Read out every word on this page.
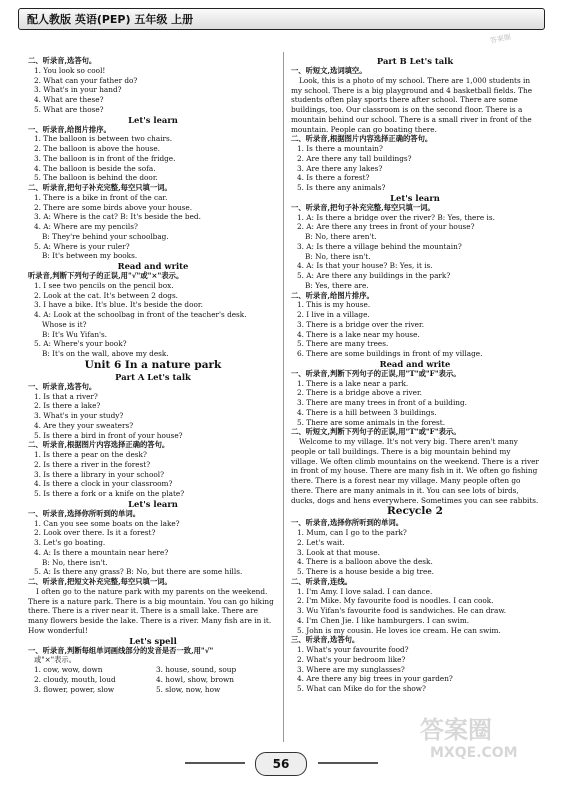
配人教版 英语(PEP) 五年级 上册
答案圈
二、听录音,选答句。
1. You look so cool!
2. What can your father do?
3. What's in your hand?
4. What are these?
5. What are those?
Let's learn
一、听录音,给图片排序。
1. The balloon is between two chairs.
2. The balloon is above the house.
3. The balloon is in front of the fridge.
4. The balloon is beside the sofa.
5. The balloon is behind the door.
二、听录音,把句子补充完整,每空只填一词。
1. There is a bike in front of the car.
2. There are some birds above your house.
3. A: Where is the cat? B: It's beside the bed.
4. A: Where are my pencils?
B: They're behind your schoolbag.
5. A: Where is your ruler?
B: It's between my books.
Read and write
听录音,判断下列句子的正误,用"√"或"×"表示。
1. I see two pencils on the pencil box.
2. Look at the cat. It's between 2 dogs.
3. I have a bike. It's blue. It's beside the door.
4. A: Look at the schoolbag in front of the teacher's desk.
Whose is it?
B: It's Wu Yifan's.
5. A: Where's your book?
B: It's on the wall, above my desk.
Unit 6 In a nature park
Part A Let's talk
一、听录音,选答句。
1. Is that a river?
2. Is there a lake?
3. What's in your study?
4. Are they your sweaters?
5. Is there a bird in front of your house?
二、听录音,根据图片内容选择正确的答句。
1. Is there a pear on the desk?
2. Is there a river in the forest?
3. Is there a library in your school?
4. Is there a clock in your classroom?
5. Is there a fork or a knife on the plate?
Let's learn
一、听录音,选择你所听到的单词。
1. Can you see some boats on the lake?
2. Look over there. Is it a forest?
3. Let's go boating.
4. A: Is there a mountain near here?
B: No, there isn't.
5. A: Is there any grass? B: No, but there are some hills.
二、听录音,把短文补充完整,每空只填一词。
I often go to the nature park with my parents on the weekend. There is a nature park. There is a big mountain. You can go hiking there. There is a river near it. There is a small lake. There are many flowers beside the lake. There is a river. Many fish are in it. How wonderful!
Let's spell
一、听录音,判断每组单词画线部分的发音是否一致,用"√"
或"×"表示。
1. cow, wow, down	3. house, sound, soup
2. cloudy, mouth, loud	4. howl, show, brown
3. flower, power, slow	5. slow, now, how
Part B Let's talk
一、听短文,选词填空。
Look, this is a photo of my school. There are 1,000 students in my school. There is a big playground and 4 basketball fields. The students often play sports there after school. There are some buildings, too. Our classroom is on the second floor. There is a mountain behind our school. There is a small river in front of the mountain. People can go boating there.
二、听录音,根据图片内容选择正确的答句。
1. Is there a mountain?
2. Are there any tall buildings?
3. Are there any lakes?
4. Is there a forest?
5. Is there any animals?
Let's learn
一、听录音,把句子补充完整,每空只填一词。
1. A: Is there a bridge over the river? B: Yes, there is.
2. A: Are there any trees in front of your house?
B: No, there aren't.
3. A: Is there a village behind the mountain?
B: No, there isn't.
4. A: Is that your house? B: Yes, it is.
5. A: Are there any buildings in the park?
B: Yes, there are.
二、听录音,给图片排序。
1. This is my house.
2. I live in a village.
3. There is a bridge over the river.
4. There is a lake near my house.
5. There are many trees.
6. There are some buildings in front of my village.
Read and write
一、听录音,判断下列句子的正误,用"T"或"F"表示。
1. There is a lake near a park.
2. There is a bridge above a river.
3. There are many trees in front of a building.
4. There is a hill between 3 buildings.
5. There are some animals in the forest.
二、听短文,判断下列句子的正误,用"T"或"F"表示。
Welcome to my village. It's not very big. There aren't many people or tall buildings. There is a big mountain behind my village. We often climb mountains on the weekend. There is a river in front of my house. There are many fish in it. We often go fishing there. There is a forest near my village. Many people often go there. There are many animals in it. You can see lots of birds, ducks, dogs and hens everywhere. Sometimes you can see rabbits.
Recycle 2
一、听录音,选择你所听到的单词。
1. Mum, can I go to the park?
2. Let's wait.
3. Look at that mouse.
4. There is a balloon above the desk.
5. There is a house beside a big tree.
二、听录音,连线。
1. I'm Amy. I love salad. I can dance.
2. I'm Mike. My favourite food is noodles. I can cook.
3. Wu Yifan's favourite food is sandwiches. He can draw.
4. I'm Chen Jie. I like hamburgers. I can swim.
5. John is my cousin. He loves ice cream. He can swim.
三、听录音,选答句。
1. What's your favourite food?
2. What's your bedroom like?
3. Where are my sunglasses?
4. Are there any big trees in your garden?
5. What can Mike do for the show?
56
答案圈
MXQE.COM
